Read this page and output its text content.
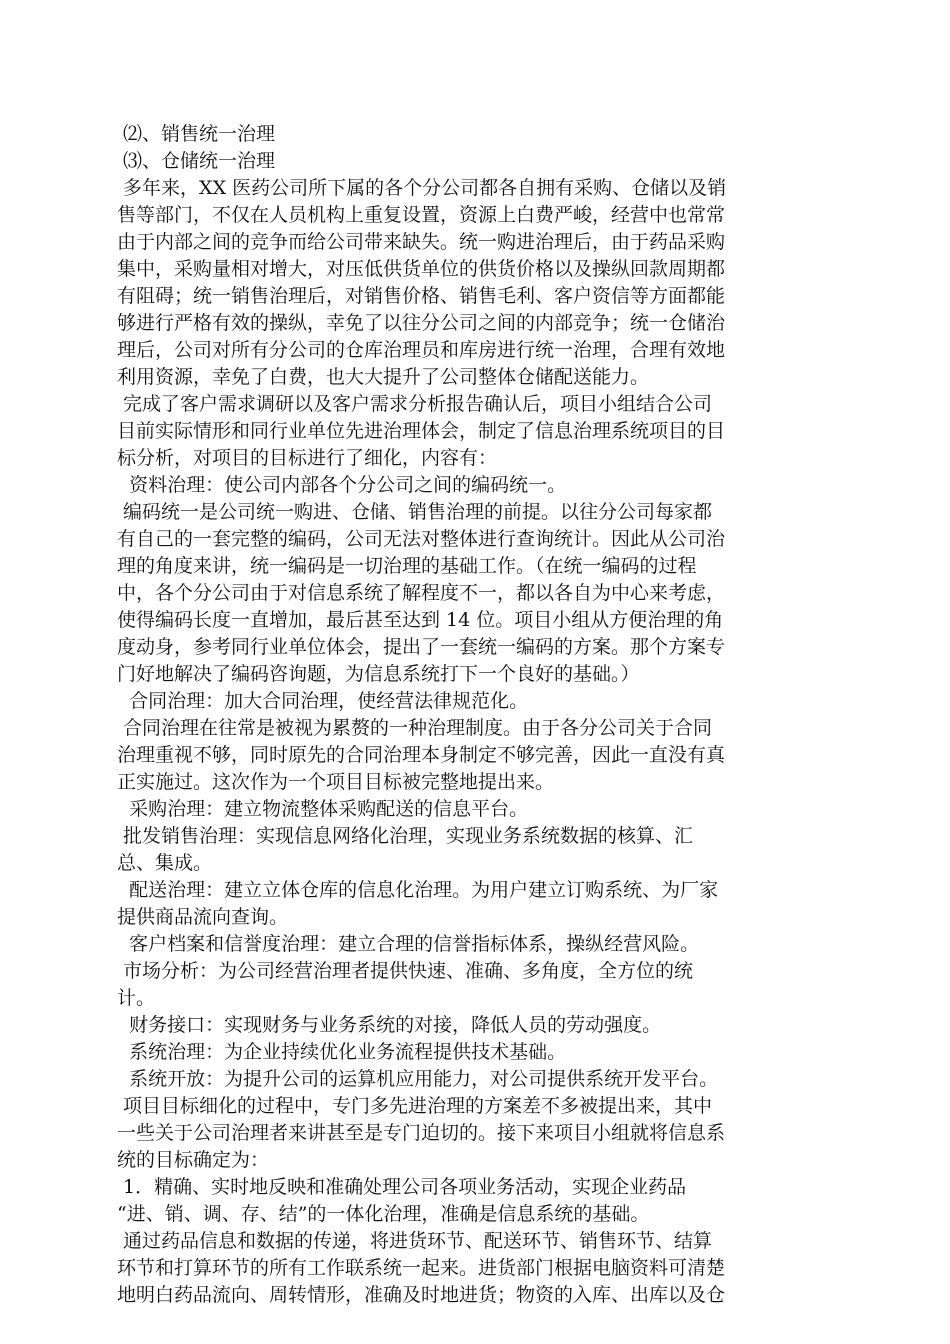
⑵、销售统一治理

⑶、仓储统一治理

多年来，XX 医药公司所下属的各个分公司都各自拥有采购、仓储以及销

售等部门，不仅在人员机构上重复设置，资源上白费严峻，经营中也常常

由于内部之间的竞争而给公司带来缺失。统一购进治理后，由于药品采购

集中，采购量相对增大，对压低供货单位的供货价格以及操纵回款周期都

有阻碍；统一销售治理后，对销售价格、销售毛利、客户资信等方面都能

够进行严格有效的操纵，幸免了以往分公司之间的内部竞争；统一仓储治

理后，公司对所有分公司的仓库治理员和库房进行统一治理，合理有效地

利用资源，幸免了白费，也大大提升了公司整体仓储配送能力。

完成了客户需求调研以及客户需求分析报告确认后，项目小组结合公司

目前实际情形和同行业单位先进治理体会，制定了信息治理系统项目的目

标分析，对项目的目标进行了细化，内容有：

资料治理：使公司内部各个分公司之间的编码统一。

编码统一是公司统一购进、仓储、销售治理的前提。以往分公司每家都

有自己的一套完整的编码，公司无法对整体进行查询统计。因此从公司治

理的角度来讲，统一编码是一切治理的基础工作。（在统一编码的过程

中，各个分公司由于对信息系统了解程度不一，都以各自为中心来考虑，

使得编码长度一直增加，最后甚至达到 14 位。项目小组从方便治理的角

度动身，参考同行业单位体会，提出了一套统一编码的方案。那个方案专

门好地解决了编码咨询题，为信息系统打下一个良好的基础。）

合同治理：加大合同治理，使经营法律规范化。

合同治理在往常是被视为累赘的一种治理制度。由于各分公司关于合同

治理重视不够，同时原先的合同治理本身制定不够完善，因此一直没有真

正实施过。这次作为一个项目目标被完整地提出来。

采购治理：建立物流整体采购配送的信息平台。

批发销售治理：实现信息网络化治理，实现业务系统数据的核算、汇

总、集成。

配送治理：建立立体仓库的信息化治理。为用户建立订购系统、为厂家

提供商品流向查询。

客户档案和信誉度治理：建立合理的信誉指标体系，操纵经营风险。

市场分析：为公司经营治理者提供快速、准确、多角度，全方位的统

计。

财务接口：实现财务与业务系统的对接，降低人员的劳动强度。

系统治理：为企业持续优化业务流程提供技术基础。

系统开放：为提升公司的运算机应用能力，对公司提供系统开发平台。

项目目标细化的过程中，专门多先进治理的方案差不多被提出来，其中

一些关于公司治理者来讲甚至是专门迫切的。接下来项目小组就将信息系

统的目标确定为：

1．精确、实时地反映和准确处理公司各项业务活动，实现企业药品

“进、销、调、存、结”的一体化治理，准确是信息系统的基础。

通过药品信息和数据的传递，将进货环节、配送环节、销售环节、结算

环节和打算环节的所有工作联系统一起来。进货部门根据电脑资料可清楚

地明白药品流向、周转情形，准确及时地进货；物资的入库、出库以及仓
